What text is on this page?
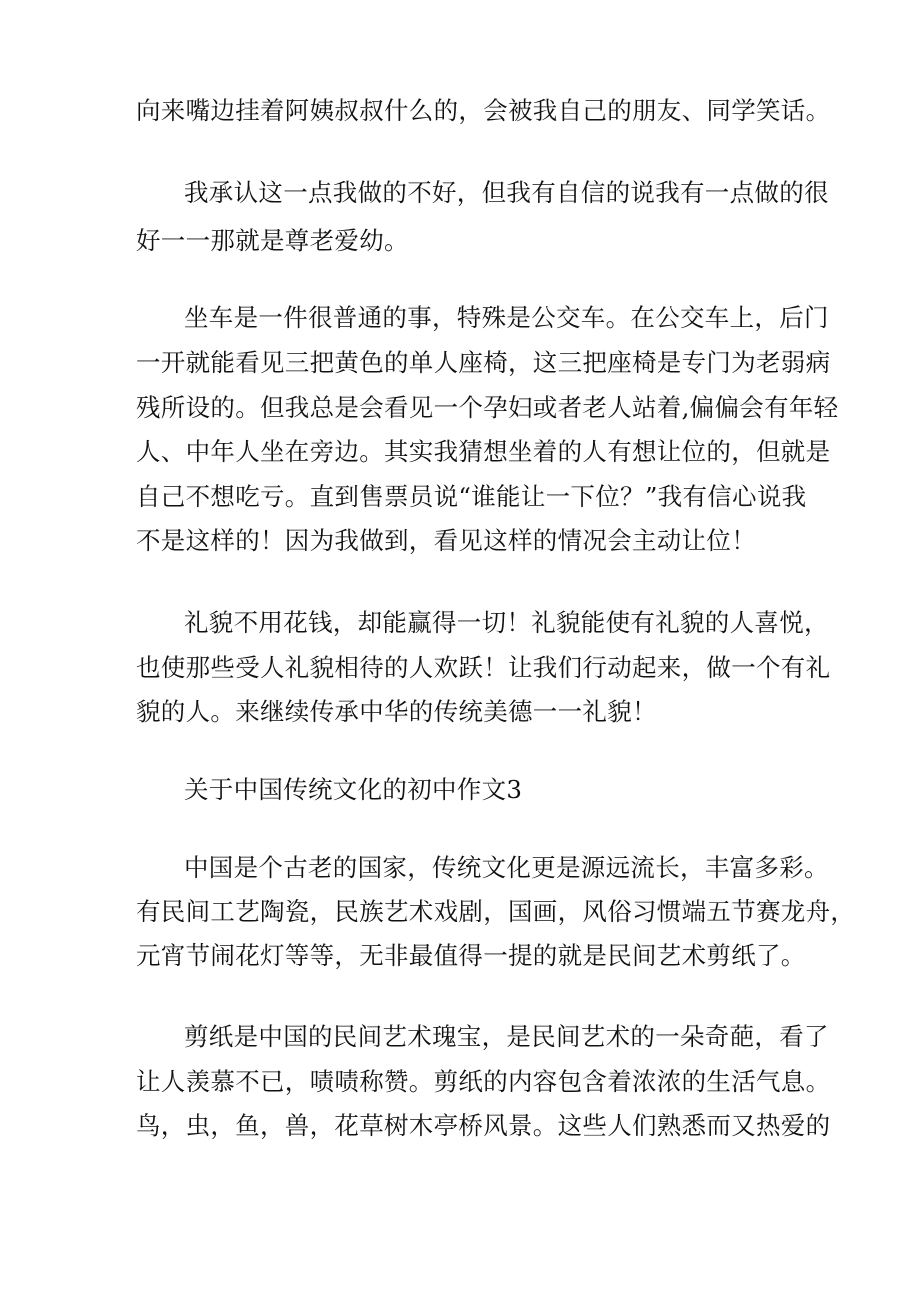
向来嘴边挂着阿姨叔叔什么的，会被我自己的朋友、同学笑话。
我承认这一点我做的不好，但我有自信的说我有一点做的很
好一一那就是尊老爱幼。
坐车是一件很普通的事，特殊是公交车。在公交车上，后门
一开就能看见三把黄色的单人座椅，这三把座椅是专门为老弱病
残所设的。但我总是会看见一个孕妇或者老人站着,偏偏会有年轻
人、中年人坐在旁边。其实我猜想坐着的人有想让位的，但就是
自己不想吃亏。直到售票员说“谁能让一下位？”我有信心说我
不是这样的！因为我做到，看见这样的情况会主动让位！
礼貌不用花钱，却能赢得一切！礼貌能使有礼貌的人喜悦，
也使那些受人礼貌相待的人欢跃！让我们行动起来，做一个有礼
貌的人。来继续传承中华的传统美德一一礼貌！
关于中国传统文化的初中作文3
中国是个古老的国家，传统文化更是源远流长，丰富多彩。
有民间工艺陶瓷，民族艺术戏剧，国画，风俗习惯端五节赛龙舟，
元宵节闹花灯等等，无非最值得一提的就是民间艺术剪纸了。
剪纸是中国的民间艺术瑰宝，是民间艺术的一朵奇葩，看了
让人羡慕不已，啧啧称赞。剪纸的内容包含着浓浓的生活气息。
鸟，虫，鱼，兽，花草树木亭桥风景。这些人们熟悉而又热爱的
